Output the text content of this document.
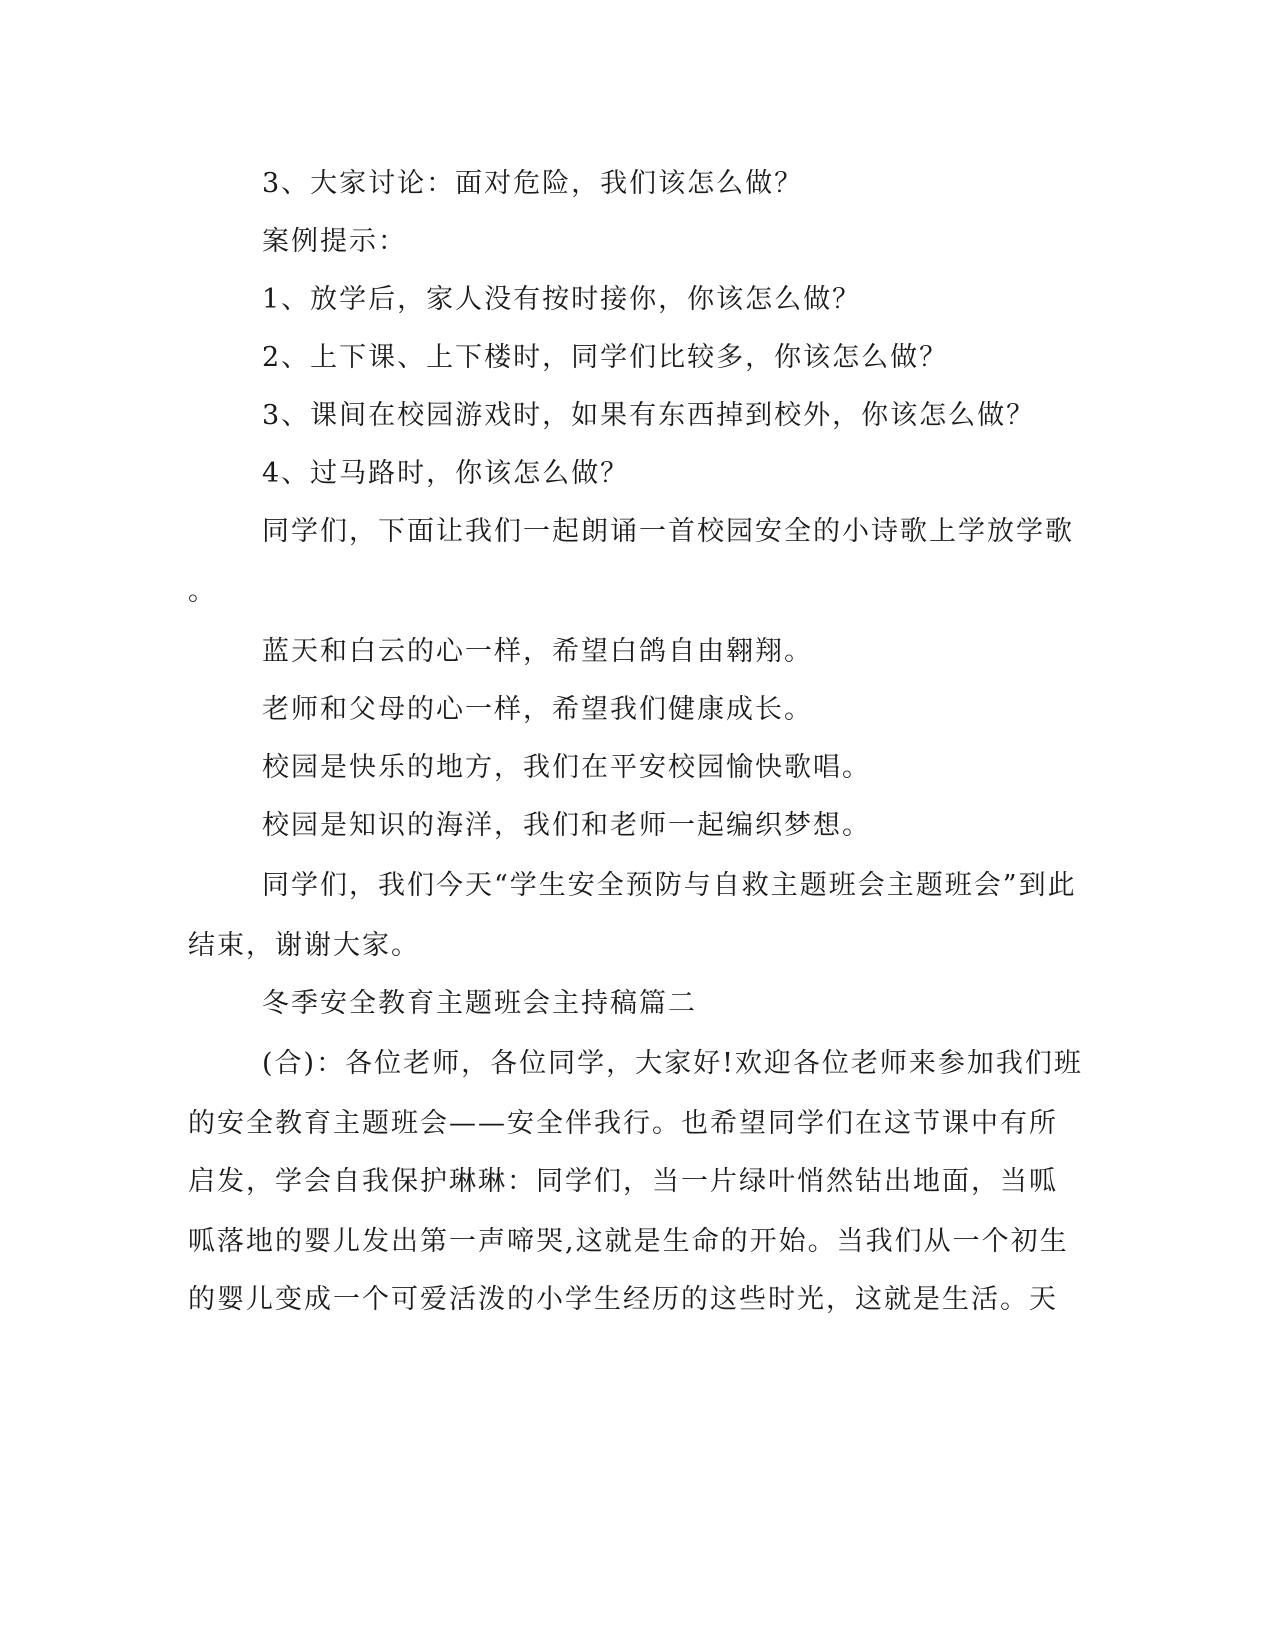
3、大家讨论：面对危险，我们该怎么做？
案例提示：
1、放学后，家人没有按时接你，你该怎么做？
2、上下课、上下楼时，同学们比较多，你该怎么做？
3、课间在校园游戏时，如果有东西掉到校外，你该怎么做？
4、过马路时，你该怎么做？
同学们，下面让我们一起朗诵一首校园安全的小诗歌上学放学歌
。
蓝天和白云的心一样，希望白鸽自由翱翔。
老师和父母的心一样，希望我们健康成长。
校园是快乐的地方，我们在平安校园愉快歌唱。
校园是知识的海洋，我们和老师一起编织梦想。
同学们，我们今天“学生安全预防与自救主题班会主题班会”到此
结束，谢谢大家。
冬季安全教育主题班会主持稿篇二
(合)：各位老师，各位同学，大家好!欢迎各位老师来参加我们班
的安全教育主题班会——安全伴我行。也希望同学们在这节课中有所
启发，学会自我保护琳琳：同学们，当一片绿叶悄然钻出地面，当呱
呱落地的婴儿发出第一声啼哭,这就是生命的开始。当我们从一个初生
的婴儿变成一个可爱活泼的小学生经历的这些时光，这就是生活。天
